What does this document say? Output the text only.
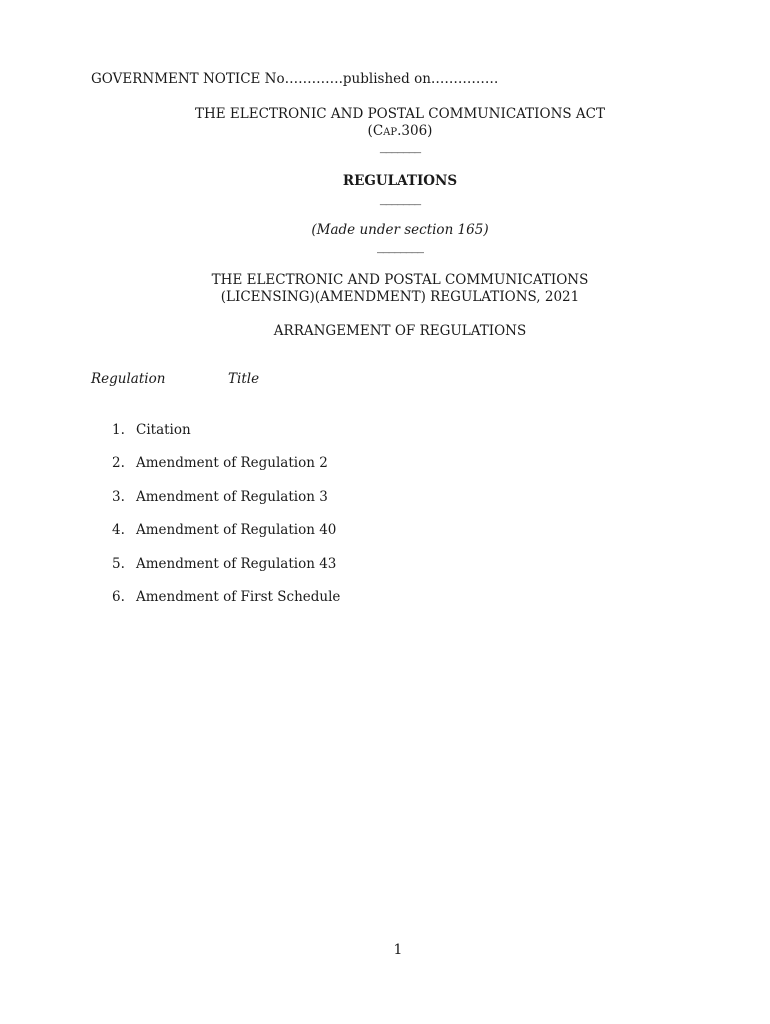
GOVERNMENT NOTICE No………….published on……………
THE ELECTRONIC AND POSTAL COMMUNICATIONS ACT
(CAP.306)
_______
REGULATIONS
_______
(Made under section 165)
________
THE ELECTRONIC AND POSTAL COMMUNICATIONS
(LICENSING)(AMENDMENT) REGULATIONS, 2021
ARRANGEMENT OF REGULATIONS
Regulation	Title
1. Citation
2. Amendment of Regulation 2
3. Amendment of Regulation 3
4. Amendment of Regulation 40
5. Amendment of Regulation 43
6. Amendment of First Schedule
1
